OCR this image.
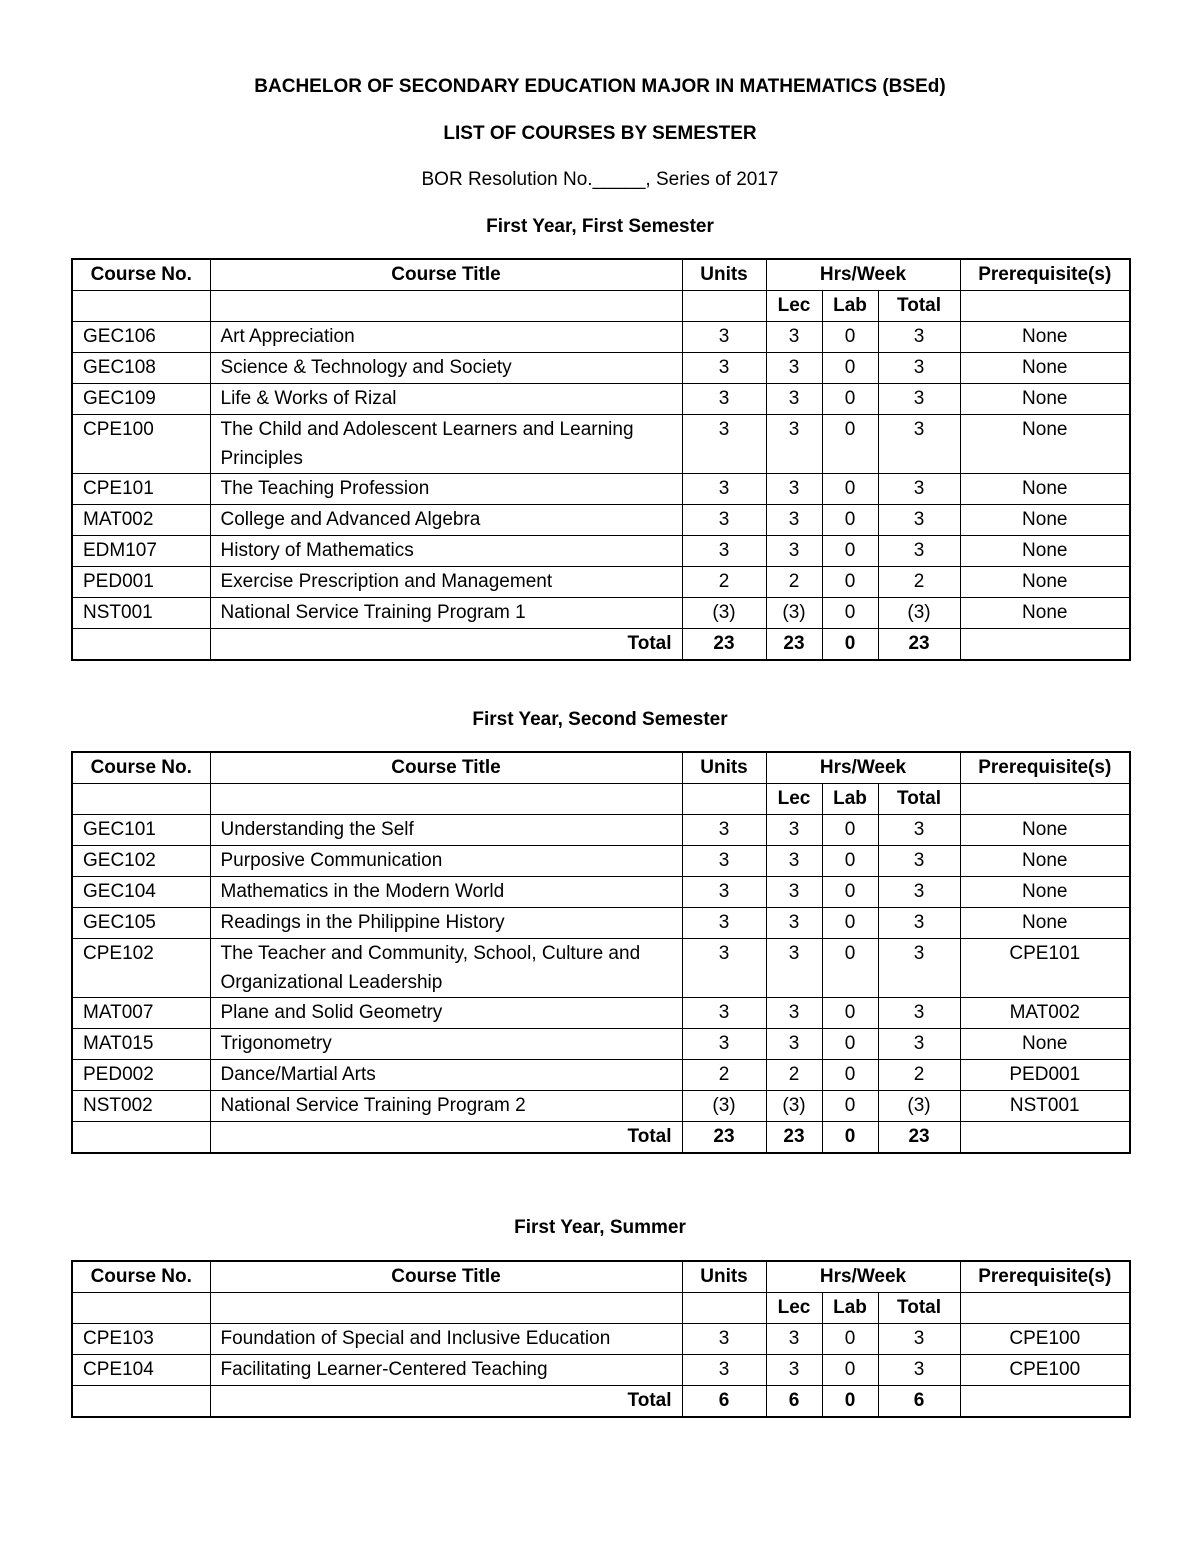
BACHELOR OF SECONDARY EDUCATION MAJOR IN MATHEMATICS (BSEd)
LIST OF COURSES BY SEMESTER
BOR Resolution No._____, Series of 2017
First Year, First Semester
Course No.	Course Title	Units	Hrs/Week			Prerequisite(s)
			Lec	Lab	Total	
GEC106	Art Appreciation	3	3	0	3	None
GEC108	Science & Technology and Society	3	3	0	3	None
GEC109	Life & Works of Rizal	3	3	0	3	None
CPE100	The Child and Adolescent Learners and Learning Principles	3	3	0	3	None
CPE101	The Teaching Profession	3	3	0	3	None
MAT002	College and Advanced Algebra	3	3	0	3	None
EDM107	History of Mathematics	3	3	0	3	None
PED001	Exercise Prescription and Management	2	2	0	2	None
NST001	National Service Training Program 1	(3)	(3)	0	(3)	None
	Total	23	23	0	23	
First Year, Second Semester
Course No.	Course Title	Units	Hrs/Week			Prerequisite(s)
			Lec	Lab	Total	
GEC101	Understanding the Self	3	3	0	3	None
GEC102	Purposive Communication	3	3	0	3	None
GEC104	Mathematics in the Modern World	3	3	0	3	None
GEC105	Readings in the Philippine History	3	3	0	3	None
CPE102	The Teacher and Community, School, Culture and Organizational Leadership	3	3	0	3	CPE101
MAT007	Plane and Solid Geometry	3	3	0	3	MAT002
MAT015	Trigonometry	3	3	0	3	None
PED002	Dance/Martial Arts	2	2	0	2	PED001
NST002	National Service Training Program 2	(3)	(3)	0	(3)	NST001
	Total	23	23	0	23	
First Year, Summer
Course No.	Course Title	Units	Hrs/Week			Prerequisite(s)
			Lec	Lab	Total	
CPE103	Foundation of Special and Inclusive Education	3	3	0	3	CPE100
CPE104	Facilitating Learner-Centered Teaching	3	3	0	3	CPE100
	Total	6	6	0	6	
